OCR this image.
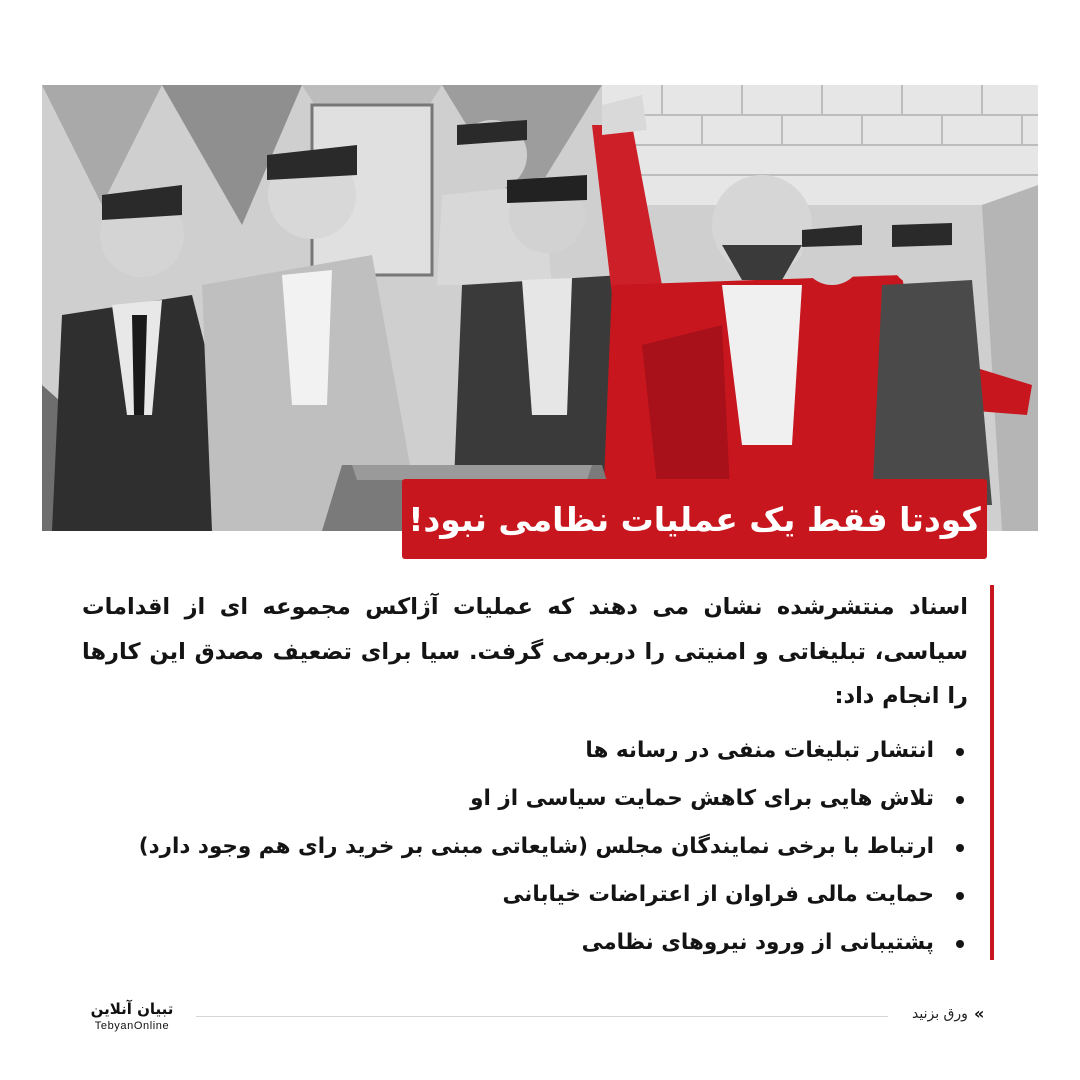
کودتا فقط یک عملیات نظامی نبود!

اسناد منتشرشده نشان می دهند که عملیات آژاکس مجموعه ای از اقدامات سیاسی، تبلیغاتی و امنیتی را دربرمی گرفت. سیا برای تضعیف مصدق این کارها را انجام داد:

انتشار تبلیغات منفی در رسانه ها
تلاش هایی برای کاهش حمایت سیاسی از او
ارتباط با برخی نمایندگان مجلس (شایعاتی مبنی بر خرید رای هم وجود دارد)
حمایت مالی فراوان از اعتراضات خیابانی
پشتیبانی از ورود نیروهای نظامی
تبیان آنلاین
TebyanOnline
»
ورق بزنید
